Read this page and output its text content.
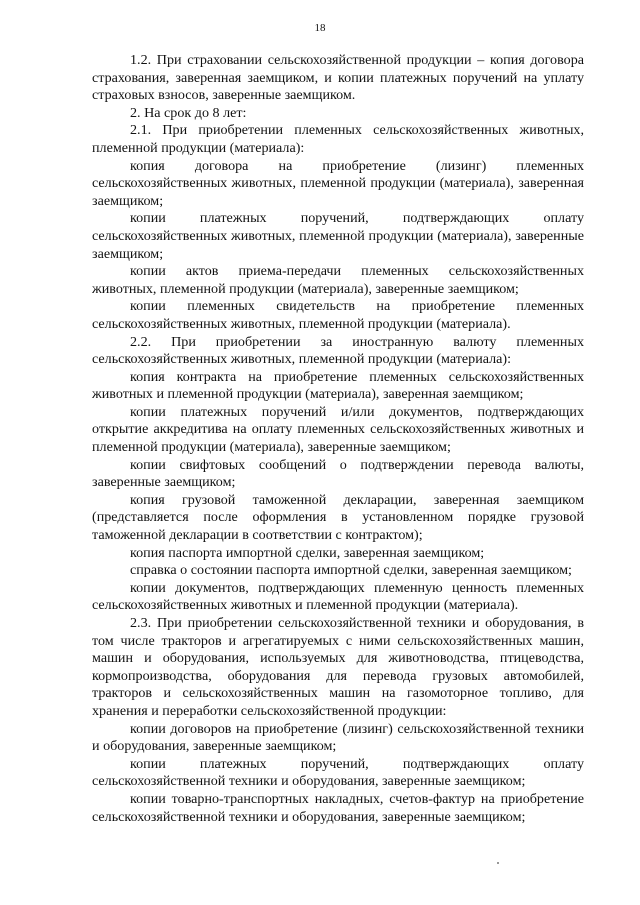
18

1.2. При страховании сельскохозяйственной продукции – копия договора страхования, заверенная заемщиком, и копии платежных поручений на уплату страховых взносов, заверенные заемщиком.

2. На срок до 8 лет:

2.1. При приобретении племенных сельскохозяйственных животных, племенной продукции (материала):

копия договора на приобретение (лизинг) племенных сельскохозяйственных животных, племенной продукции (материала), заверенная заемщиком;

копии платежных поручений, подтверждающих оплату сельскохозяйственных животных, племенной продукции (материала), заверенные заемщиком;

копии актов приема-передачи племенных сельскохозяйственных животных, племенной продукции (материала), заверенные заемщиком;

копии племенных свидетельств на приобретение племенных сельскохозяйственных животных, племенной продукции (материала).

2.2. При приобретении за иностранную валюту племенных сельскохозяйственных животных, племенной продукции (материала):

копия контракта на приобретение племенных сельскохозяйственных животных и племенной продукции (материала), заверенная заемщиком;

копии платежных поручений и/или документов, подтверждающих открытие аккредитива на оплату племенных сельскохозяйственных животных и племенной продукции (материала), заверенные заемщиком;

копии свифтовых сообщений о подтверждении перевода валюты, заверенные заемщиком;

копия грузовой таможенной декларации, заверенная заемщиком (представляется после оформления в установленном порядке грузовой таможенной декларации в соответствии с контрактом);

копия паспорта импортной сделки, заверенная заемщиком;

справка о состоянии паспорта импортной сделки, заверенная заемщиком;

копии документов, подтверждающих племенную ценность племенных сельскохозяйственных животных и племенной продукции (материала).

2.3. При приобретении сельскохозяйственной техники и оборудования, в том числе тракторов и агрегатируемых с ними сельскохозяйственных машин, машин и оборудования, используемых для животноводства, птицеводства, кормопроизводства, оборудования для перевода грузовых автомобилей, тракторов и сельскохозяйственных машин на газомоторное топливо, для хранения и переработки сельскохозяйственной продукции:

копии договоров на приобретение (лизинг) сельскохозяйственной техники и оборудования, заверенные заемщиком;

копии платежных поручений, подтверждающих оплату сельскохозяйственной техники и оборудования, заверенные заемщиком;

копии товарно-транспортных накладных, счетов-фактур на приобретение сельскохозяйственной техники и оборудования, заверенные заемщиком;
